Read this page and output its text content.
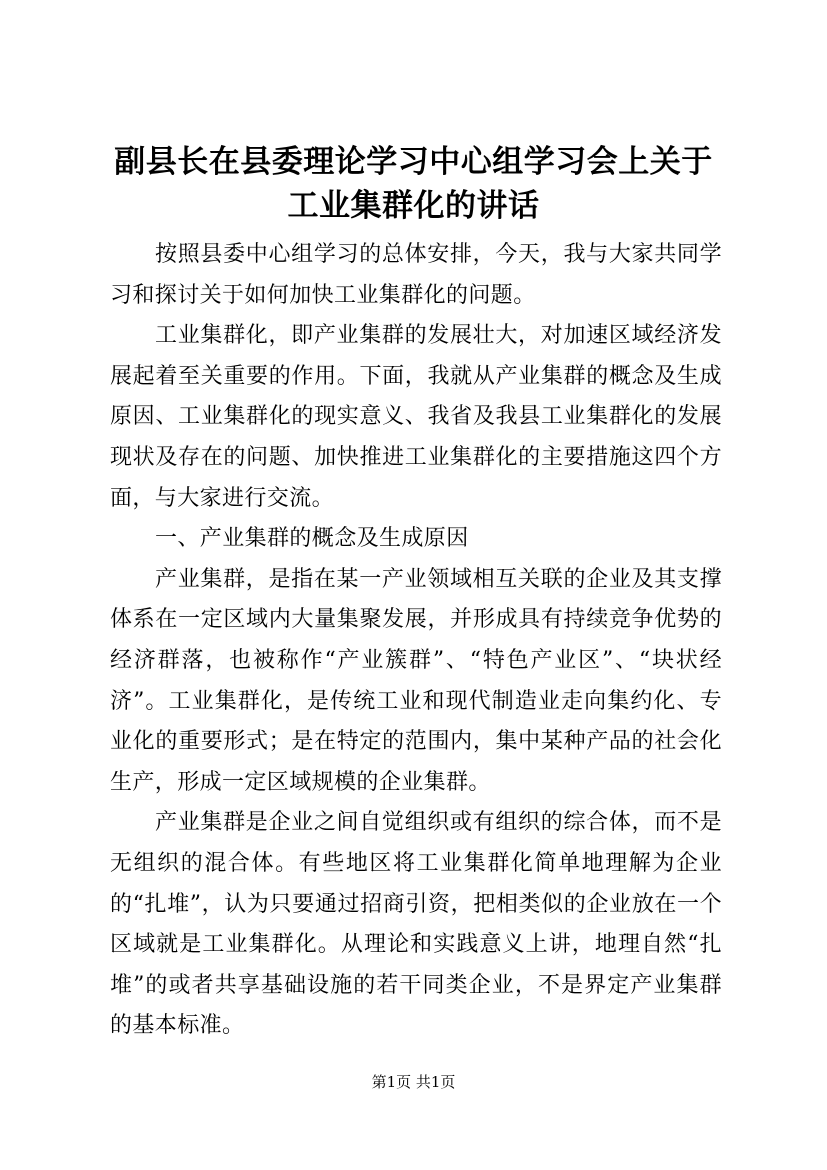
副县长在县委理论学习中心组学习会上关于工业集群化的讲话

按照县委中心组学习的总体安排，今天，我与大家共同学习和探讨关于如何加快工业集群化的问题。

工业集群化，即产业集群的发展壮大，对加速区域经济发展起着至关重要的作用。下面，我就从产业集群的概念及生成原因、工业集群化的现实意义、我省及我县工业集群化的发展现状及存在的问题、加快推进工业集群化的主要措施这四个方面，与大家进行交流。

一、产业集群的概念及生成原因

产业集群，是指在某一产业领域相互关联的企业及其支撑体系在一定区域内大量集聚发展，并形成具有持续竞争优势的经济群落，也被称作“产业簇群”、“特色产业区”、“块状经济”。工业集群化，是传统工业和现代制造业走向集约化、专业化的重要形式；是在特定的范围内，集中某种产品的社会化生产，形成一定区域规模的企业集群。

产业集群是企业之间自觉组织或有组织的综合体，而不是无组织的混合体。有些地区将工业集群化简单地理解为企业的“扎堆”，认为只要通过招商引资，把相类似的企业放在一个区域就是工业集群化。从理论和实践意义上讲，地理自然“扎堆”的或者共享基础设施的若干同类企业，不是界定产业集群的基本标准。

第1页 共1页
